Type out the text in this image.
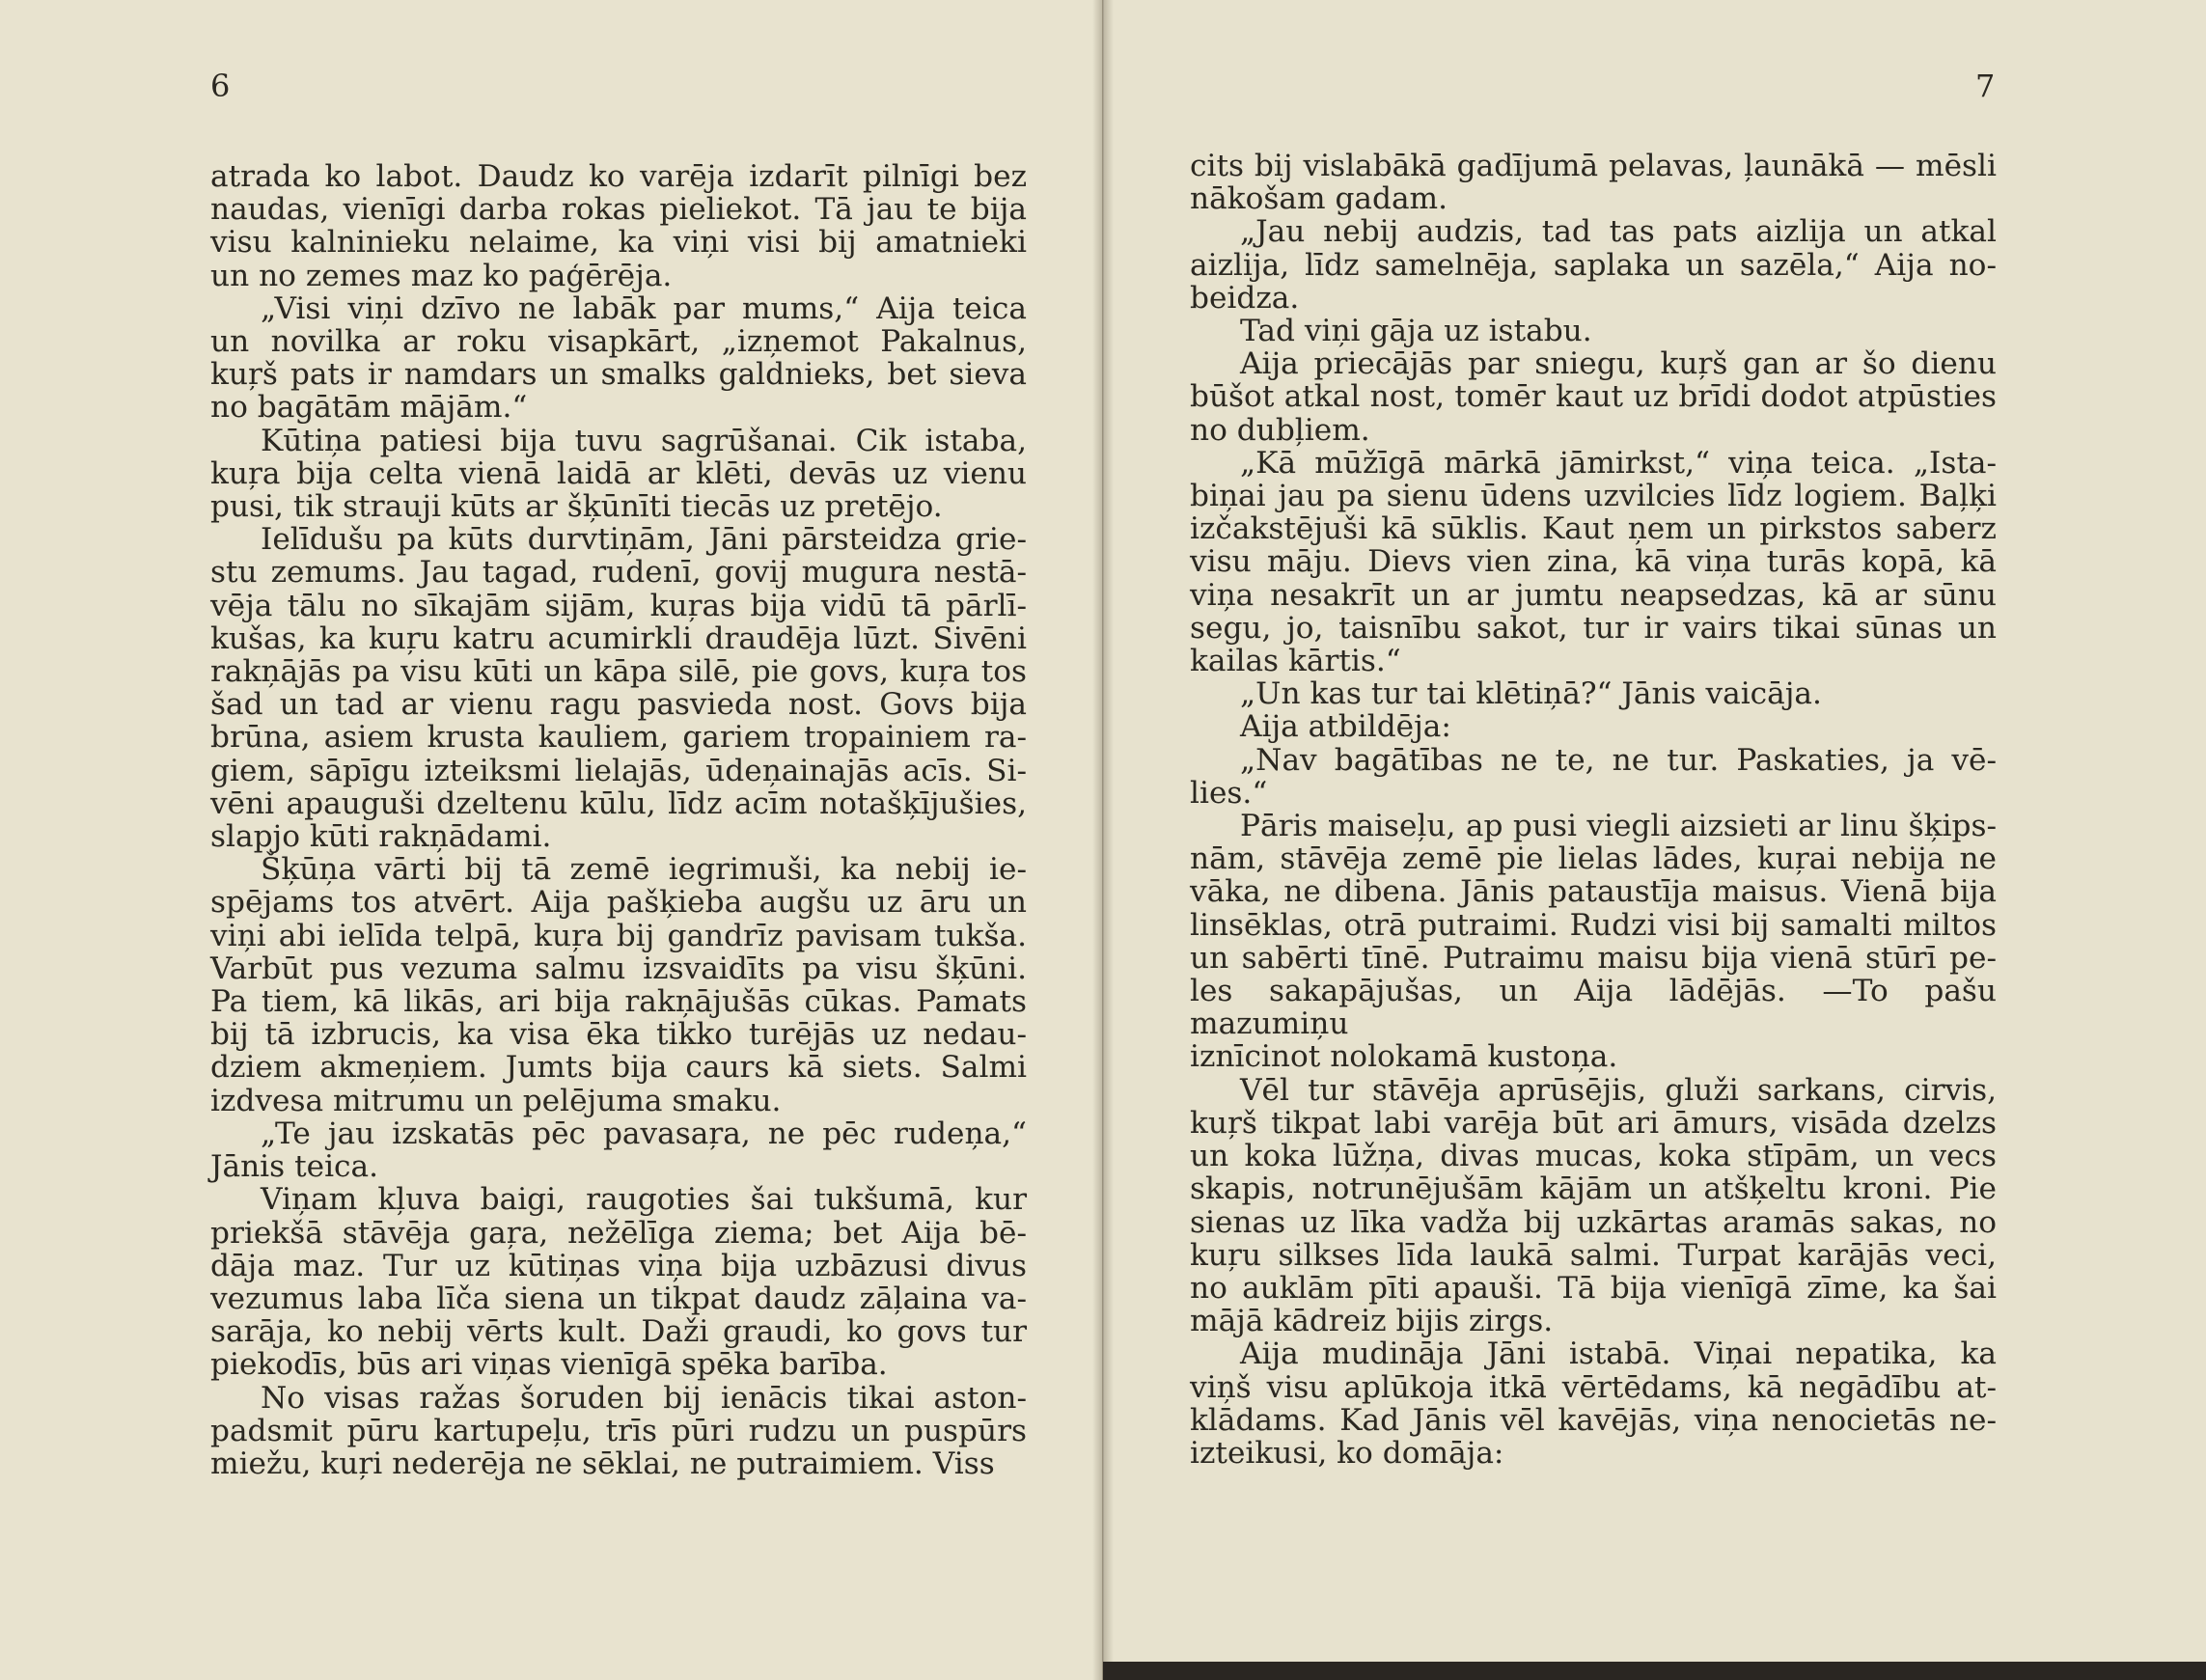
6
atrada ko labot. Daudz ko varēja izdarīt pilnīgi bez
naudas, vienīgi darba rokas pieliekot. Tā jau te bija
visu kalninieku nelaime, ka viņi visi bij amatnieki
un no zemes maz ko paģērēja.
„Visi viņi dzīvo ne labāk par mums,“ Aija teica
un novilka ar roku visapkārt, „izņemot Pakalnus,
kuŗš pats ir namdars un smalks galdnieks, bet sieva
no bagātām mājām.“
Kūtiņa patiesi bija tuvu sagrūšanai. Cik istaba,
kuŗa bija celta vienā laidā ar klēti, devās uz vienu
pusi, tik strauji kūts ar šķūnīti tiecās uz pretējo.
Ielīdušu pa kūts durvtiņām, Jāni pārsteidza grie-
stu zemums. Jau tagad, rudenī, govij mugura nestā-
vēja tālu no sīkajām sijām, kuŗas bija vidū tā pārlī-
kušas, ka kuŗu katru acumirkli draudēja lūzt. Sivēni
rakņājās pa visu kūti un kāpa silē, pie govs, kuŗa tos
šad un tad ar vienu ragu pasvieda nost. Govs bija
brūna, asiem krusta kauliem, gariem tropainiem ra-
giem, sāpīgu izteiksmi lielajās, ūdeņainajās acīs. Si-
vēni apauguši dzeltenu kūlu, līdz acīm notašķījušies,
slapjo kūti rakņādami.
Šķūņa vārti bij tā zemē iegrimuši, ka nebij ie-
spējams tos atvērt. Aija pašķieba augšu uz āru un
viņi abi ielīda telpā, kuŗa bij gandrīz pavisam tukša.
Varbūt pus vezuma salmu izsvaidīts pa visu šķūni.
Pa tiem, kā likās, ari bija rakņājušās cūkas. Pamats
bij tā izbrucis, ka visa ēka tikko turējās uz nedau-
dziem akmeņiem. Jumts bija caurs kā siets. Salmi
izdvesa mitrumu un pelējuma smaku.
„Te jau izskatās pēc pavasaŗa, ne pēc rudeņa,“
Jānis teica.
Viņam kļuva baigi, raugoties šai tukšumā, kur
priekšā stāvēja gaŗa, nežēlīga ziema; bet Aija bē-
dāja maz. Tur uz kūtiņas viņa bija uzbāzusi divus
vezumus laba līča siena un tikpat daudz zāļaina va-
sarāja, ko nebij vērts kult. Daži graudi, ko govs tur
piekodīs, būs ari viņas vienīgā spēka barība.
No visas ražas šoruden bij ienācis tikai aston-
padsmit pūru kartupeļu, trīs pūri rudzu un puspūrs
miežu, kuŗi nederēja ne sēklai, ne putraimiem. Viss
7
cits bij vislabākā gadījumā pelavas, ļaunākā — mēsli
nākošam gadam.
„Jau nebij audzis, tad tas pats aizlija un atkal
aizlija, līdz samelnēja, saplaka un sazēla,“ Aija no-
beidza.
Tad viņi gāja uz istabu.
Aija priecājās par sniegu, kuŗš gan ar šo dienu
būšot atkal nost, tomēr kaut uz brīdi dodot atpūsties
no dubļiem.
„Kā mūžīgā mārkā jāmirkst,“ viņa teica. „Ista-
biņai jau pa sienu ūdens uzvilcies līdz logiem. Baļķi
izčakstējuši kā sūklis. Kaut ņem un pirkstos saberz
visu māju. Dievs vien zina, kā viņa turās kopā, kā
viņa nesakrīt un ar jumtu neapsedzas, kā ar sūnu
segu, jo, taisnību sakot, tur ir vairs tikai sūnas un
kailas kārtis.“
„Un kas tur tai klētiņā?“ Jānis vaicāja.
Aija atbildēja:
„Nav bagātības ne te, ne tur. Paskaties, ja vē-
lies.“
Pāris maiseļu, ap pusi viegli aizsieti ar linu šķips-
nām, stāvēja zemē pie lielas lādes, kuŗai nebija ne
vāka, ne dibena. Jānis pataustīja maisus. Vienā bija
linsēklas, otrā putraimi. Rudzi visi bij samalti miltos
un sabērti tīnē. Putraimu maisu bija vienā stūrī pe-
les sakapājušas, un Aija lādējās. —To pašu mazumiņu
iznīcinot nolokamā kustoņa.
Vēl tur stāvēja aprūsējis, gluži sarkans, cirvis,
kuŗš tikpat labi varēja būt ari āmurs, visāda dzelzs
un koka lūžņa, divas mucas, koka stīpām, un vecs
skapis, notrunējušām kājām un atšķeltu kroni. Pie
sienas uz līka vadža bij uzkārtas aramās sakas, no
kuŗu silkses līda laukā salmi. Turpat karājās veci,
no auklām pīti apauši. Tā bija vienīgā zīme, ka šai
mājā kādreiz bijis zirgs.
Aija mudināja Jāni istabā. Viņai nepatika, ka
viņš visu aplūkoja itkā vērtēdams, kā negādību at-
klādams. Kad Jānis vēl kavējās, viņa nenocietās ne-
izteikusi, ko domāja:
